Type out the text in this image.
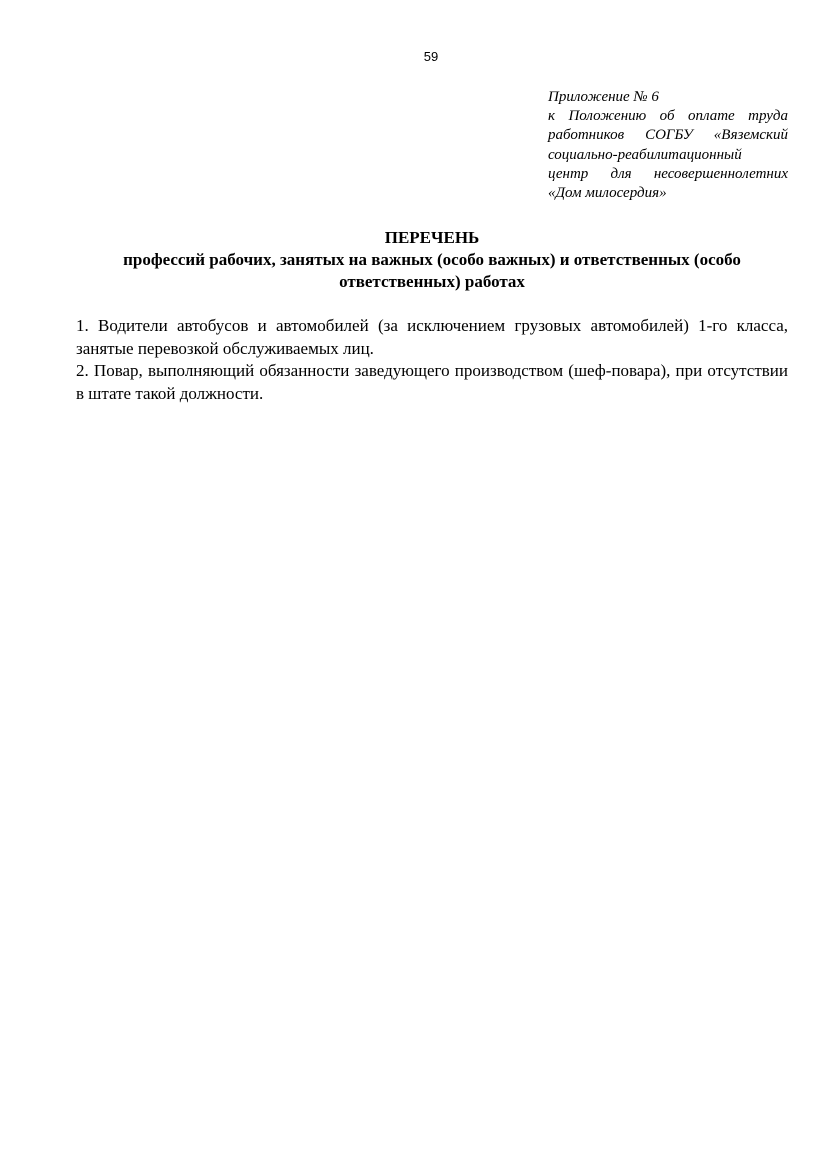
59
Приложение № 6
к Положению об оплате труда
работников СОГБУ «Вяземский
социально-реабилитационный
центр для несовершеннолетних
«Дом милосердия»
ПЕРЕЧЕНЬ
профессий рабочих, занятых на важных (особо важных) и ответственных (особо ответственных) работах

1. Водители автобусов и автомобилей (за исключением грузовых автомобилей) 1-го класса, занятые перевозкой обслуживаемых лиц.

2. Повар, выполняющий обязанности заведующего производством (шеф-повара), при отсутствии в штате такой должности.
